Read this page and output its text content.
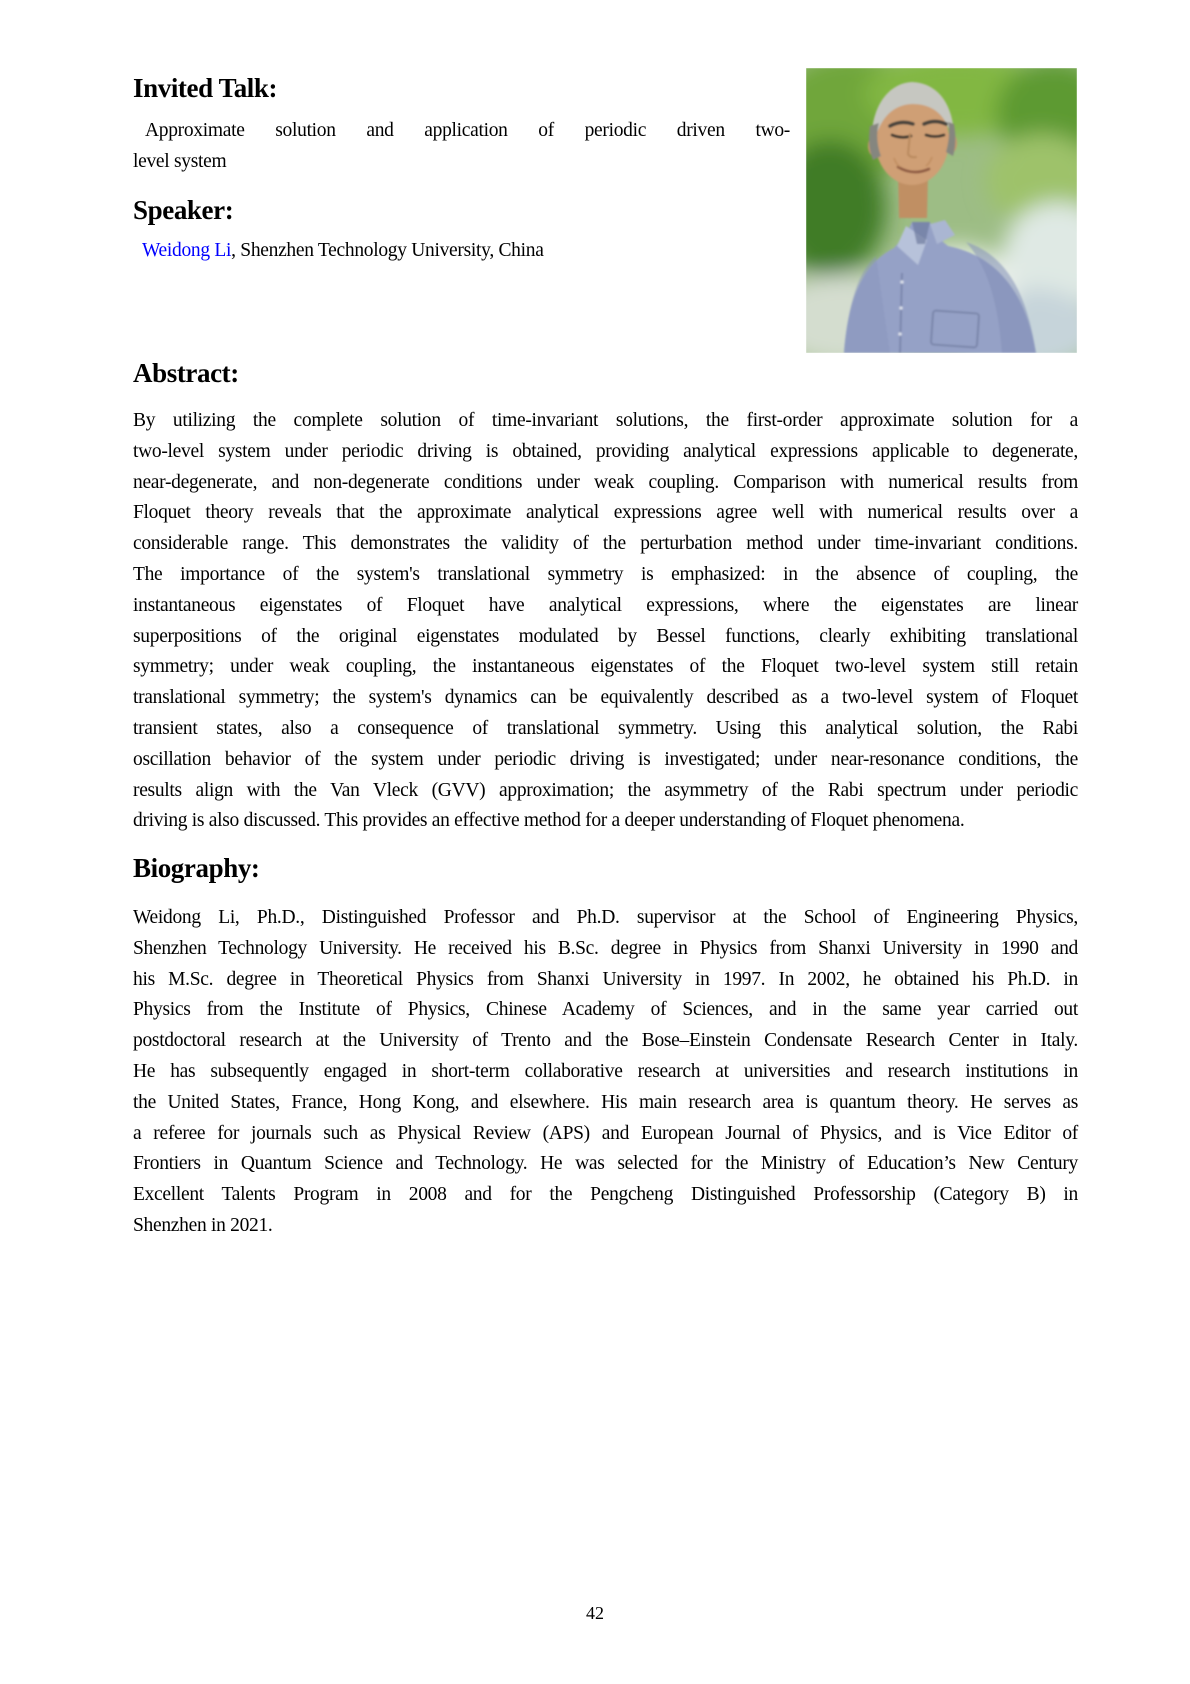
Invited Talk:
Approximate solution and application of periodic driven two-
level system
Speaker:
Weidong Li, Shenzhen Technology University, China
Abstract:
By utilizing the complete solution of time-invariant solutions, the first-order approximate solution for a
two-level system under periodic driving is obtained, providing analytical expressions applicable to degenerate,
near-degenerate, and non-degenerate conditions under weak coupling. Comparison with numerical results from
Floquet theory reveals that the approximate analytical expressions agree well with numerical results over a
considerable range. This demonstrates the validity of the perturbation method under time-invariant conditions.
The importance of the system's translational symmetry is emphasized: in the absence of coupling, the
instantaneous eigenstates of Floquet have analytical expressions, where the eigenstates are linear
superpositions of the original eigenstates modulated by Bessel functions, clearly exhibiting translational
symmetry; under weak coupling, the instantaneous eigenstates of the Floquet two-level system still retain
translational symmetry; the system's dynamics can be equivalently described as a two-level system of Floquet
transient states, also a consequence of translational symmetry. Using this analytical solution, the Rabi
oscillation behavior of the system under periodic driving is investigated; under near-resonance conditions, the
results align with the Van Vleck (GVV) approximation; the asymmetry of the Rabi spectrum under periodic
driving is also discussed. This provides an effective method for a deeper understanding of Floquet phenomena.
Biography:
Weidong Li, Ph.D., Distinguished Professor and Ph.D. supervisor at the School of Engineering Physics,
Shenzhen Technology University. He received his B.Sc. degree in Physics from Shanxi University in 1990 and
his M.Sc. degree in Theoretical Physics from Shanxi University in 1997. In 2002, he obtained his Ph.D. in
Physics from the Institute of Physics, Chinese Academy of Sciences, and in the same year carried out
postdoctoral research at the University of Trento and the Bose–Einstein Condensate Research Center in Italy.
He has subsequently engaged in short-term collaborative research at universities and research institutions in
the United States, France, Hong Kong, and elsewhere. His main research area is quantum theory. He serves as
a referee for journals such as Physical Review (APS) and European Journal of Physics, and is Vice Editor of
Frontiers in Quantum Science and Technology. He was selected for the Ministry of Education’s New Century
Excellent Talents Program in 2008 and for the Pengcheng Distinguished Professorship (Category B) in
Shenzhen in 2021.
42
